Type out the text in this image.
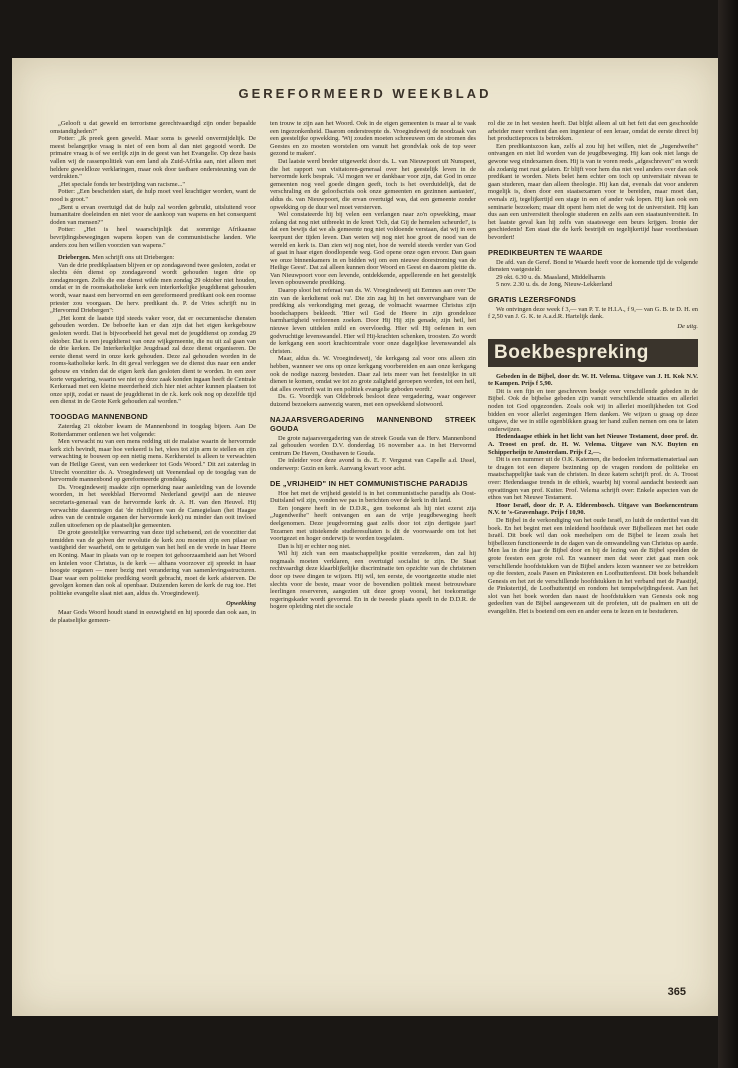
GEREFORMEERD WEEKBLAD

„Gelooft u dat geweld en terrorisme gerechtvaardigd zijn onder bepaalde omstandigheden?"

Potter: „Ik preek geen geweld. Maar soms is geweld onvermijdelijk. De meest belangrijke vraag is niet of een bom al dan niet gegooid wordt. De primaire vraag is of we eerlijk zijn in de geest van het Evangelie. Op deze basis vallen wij de rassenpolitiek van een land als Zuid-Afrika aan, niet alleen met heldere geweldloze verklaringen, maar ook door tastbare ondersteuning van de verdrukten."

„Het speciale fonds ter bestrijding van racisme..."

Potter: „Een bescheiden start, de hulp moet veel krachtiger worden, want de nood is groot."

„Bent u ervan overtuigd dat de hulp zal worden gebruikt, uitsluitend voor humanitaire doeleinden en niet voor de aankoop van wapens en het consequent doden van mensen?"

Potter: „Het is heel waarschijnlijk dat sommige Afrikaanse bevrijdingsbewegingen wapens kopen van de communistische landen. Wie anders zou hen willen voorzien van wapens."

Driebergen. Men schrijft ons uit Driebergen:

Van de drie predikplaatsen blijven er op zondagavond twee gesloten, zodat er slechts één dienst op zondagavond wordt gehouden tegen drie op zondagmorgen. Zelfs die ene dienst wilde men zondag 29 oktober niet houden, omdat er in de roomskatholieke kerk een interkerkelijke jeugddienst gehouden wordt, waar naast een hervormd en een gereformeerd predikant ook een roomse priester zou voorgaan. De herv. predikant ds. P. de Vries schrijft nu in „Hervormd Driebergen":

„Het komt de laatste tijd steeds vaker voor, dat er oecumenische diensten gehouden worden. De beboefte kan er dan zijn dat het eigen kerkgebouw gesloten wordt. Dat is bijvoorbeeld het geval met de jeugddienst op zondag 29 oktober. Dat is een jeugddienst van onze wijkgemeente, die nu uit zal gaan van de drie kerken. De Interkerkelijke Jeugdraad zal deze dienst organiseren. De eerste dienst werd in onze kerk gehouden. Deze zal gehouden worden in de rooms-katholieke kerk. In dit geval verleggen we de dienst dus naar een ander gebouw en vinden dat de eigen kerk dan gesloten dient te worden. In een zeer korte vergadering, waarin we niet op deze zaak konden ingaan heeft de Centrale Kerkeraad met een kleine meerderheid zich hier niet achter kunnen plaatsen tot onze spijt, zodat er naast de jeugddienst in de r.k. kerk ook nog op dezelfde tijd een dienst in de Grote Kerk gehouden zal worden."

TOOGDAG MANNENBOND

Zaterdag 21 oktober kwam de Mannenbond in toogdag bijeen. Aan De Rotterdammer ontlenen we het volgende:

Men verwacht nu van een mens redding uit de malaise waarin de hervormde kerk zich bevindt, maar hoe verkeerd is het, vlees tot zijn arm te stellen en zijn verwachting te bouwen op een nietig mens. Kerkherstel is alleen te verwachten van de Heilige Geest, van een wederkeer tot Gods Woord." Dit zei zaterdag in Utrecht voorzitter ds. A. Vroegindeweij uit Veenendaal op de toogdag van de hervormde mannenbond op gereformeerde grondslag.

Ds. Vroegindeweij maakte zijn opmerking naar aanleiding van de lovende woorden, in het weekblad Hervormd Nederland gewijd aan de nieuwe secretaris-generaal van de hervormde kerk dr. A. H. van den Heuvel. Hij verwachtte daarentegen dat 'de richtlijnen van de Camegielaan (het Haagse adres van de centrale organen der hervormde kerk) nu minder dan ooit invloed zullen uitoefenen op de plaatselijke gemeenten.

De grote geestelijke verwarring van deze tijd schetsend, zei de voorzitter dat temidden van de golven der revolutie de kerk zou moeten zijn een pilaar en vastigheid der waarheid, om te getuigen van het heil en de vrede in haar Heere en Koning. Maar in plaats van op te roepen tot gehoorzaamheid aan het Woord en knielen voor Christus, is de kerk — althans voorzover zij spreekt in haar hoogste organen — meer bezig met verandering van samenlevingsstructuren. Daar waar een politieke prediking wordt gebracht, moet de kerk afsterven. De gevolgen komen dan ook al openbaar. Duizenden keren de kerk de rug toe. Het politieke evangelie slaat niet aan, aldus ds. Vroegindeweij.

Opwekking

Maar Gods Woord houdt stand in eeuwigheid en hij spoorde dan ook aan, in de plaatselijke gemeen-

ten trouw te zijn aan het Woord. Ook in de eigen gemeenten is maar al te vaak een ingezonkenheid. Daarom onderstreepte ds. Vroegindeweij de noodzaak van een geestelijke opwekking. 'Wij zouden moeten schreeuwen om de stromen des Geestes en zo moeten worstelen om vanuit het grondvlak ook de top weer gezond te maken'.

Dat laatste werd breder uitgewerkt door ds. L. van Nieuwpoort uit Nunspeet, die het rapport van visitatoren-generaal over het geestelijk leven in de hervormde kerk besprak. 'Al mogen we er dankbaar voor zijn, dat God in onze gemeenten nog veel goede dingen geeft, toch is het overduidelijk, dat de verschraling en de geloofscrisis ook onze gemeenten en gezinnen aantasten', aldus ds. van Nieuwpoort, die ervan overtuigd was, dat een gemeente zonder opwekking op de duur wel moet versterven.

Wel constateerde hij bij velen een verlangen naar zo'n opwekking, maar zolang dat nog niet uitbreekt in de kreet 'Och, dat Gij de hemelen scheurde!', is dat een bewijs dat we als gemeente nog niet voldoende verstaan, dat wij in een keerpunt der tijden leven. Dan weten wij nog niet hoe groot de nood van de wereld en kerk is. Dan zien wij nog niet, hoe de wereld steeds verder van God af gaat in haar eigen doodlopende weg. God opene onze ogen ervoor. Dan gaan we onze binnenkamers in en bidden wij om een nieuwe doorstroming van de Heilige Geest'. Dat zal alleen kunnen door Woord en Geest en daarom pleitte ds. Van Nieuwpoort voor een levende, ontdekkende, appellerende en het geestelijk leven opbouwende prediking.

Daarop sloot het referaat van ds. W. Vroegindeweij uit Eemnes aan over 'De zin van de kerkdienst ook nu'. Die zin zag hij in het onvervangbare van de prediking als verkondiging met gezag, de volmacht waarmee Christus zijn boodschappers bekleedt. 'Hier wil God de Heere in zijn grondeloze barmhartigheid verlorenen zoeken. Door Hij Hij zijn genade, zijn heil, het nieuwe leven uitdelen mild en overvloedig. Hier wil Hij oefenen in een godvruchtige levenswandel. Hier wil Hij-krachten schenken, troosten. Zo wordt de kerkgang een soort krachtcentrale voor onze dagelijkse levenswandel als christen.

Maar, aldus ds. W. Vroegindeweij, 'de kerkgang zal voor ons alleen zin hebben, wanneer we ons op onze kerkgang voorbereiden en aan onze kerkgang ook de nodige nazorg besteden. Daar zal iets meer van het feestelijke in uit dienen te komen, omdat we tot zo grote zaligheid geroepen worden, tot een heil, dat alles overtreft wat in een politiek evangelie geboden wordt.'

Ds. G. Voordijk van Oldebroek besloot deze vergadering, waar ongeveer duizend bezoekers aanwezig waren, met een opwekkend slotwoord.

NAJAARSVERGADERING MANNENBOND STREEK GOUDA

De grote najaarsvergadering van de streek Gouda van de Herv. Mannenbond zal gehouden worden D.V. donderdag 16 november a.s. in het Hervormd centrum De Haven, Oosthaven te Gouda.

De inleider voor deze avond is ds. E. F. Vergunst van Capelle a.d. IJssel, onderwerp: Gezin en kerk. Aanvang kwart voor acht.

DE „VRIJHEID" IN HET COMMUNISTISCHE PARADIJS

Hoe het met de vrijheid gesteld is in het communistische paradijs als Oost-Duitsland wil zijn, vonden we pas in berichten over de kerk in dit land.

Een jongere heeft in de D.D.R., gen toekomst als hij niet ezerst zija „Jugendweihe" heeft ontvangen en aan de vrije jeugdbeweging heeft deelgenomen. Deze jeugdvorming gaat zelfs door tot zijn dertigste jaar! Tezamen met uitstekende studieresultaten is dit de voorwaarde om tot het voortgezet en hoger onderwijs te worden toegelaten.

Dan is hij er echter nog niet.

Wil hij zich van een maatschappelijke positie verzekeren, dan zal hij nogmaals moeten verklaren, een overtuigd socialist te zijn. De Staat rechtvaardigt deze klaarblijkelijke discriminatie ten opzichte van de christenen door op twee dingen te wijzen. Hij wil, ten eerste, de voortgezette studie niet slechts voor de beste, maar voor de bovendien politiek meest betrouwbare leerlingen reserveren, aangezien uit deze groep vooral, het toekomstige regeringskader wordt gevormd. En in de tweede plaats speelt in de D.D.R. de hogere opleiding niet die sociale

rol die ze in het westen heeft. Dat blijkt alleen al uit het feit dat een geschoolde arbeider meer verdient dan een ingenieur of een leraar, omdat de eerste direct bij het productieproces is betrokken.

Een predikantszoon kan, zelfs al zou hij het willen, niet de „Jugendweihe" ontvangen en niet lid worden van de jeugdbeweging. Hij kan ook niet langs de gewone weg eindexamen doen. Hij is van te voren reeds „afgeschreven" en wordt als zodanig met rust gelaten. Er blijft voor hem dus niet veel anders over dan ook predikant te worden. Niets belet hem echter om toch op universitair niveau te gaan studeren, maar dan alleen theologie. Hij kan dat, evenals dat voor anderen mogelijk is, doen door een staatsexamen voor te bereiden, maar moet dan, evenals zij, tegelijkertijd een stage in een of ander vak lopen. Hij kan ook een seminarie bezoeken; maar dit opent hem niet de weg tot de universiteit. Hij kan dus aan een universiteit theologie studeren en zelfs aan een staatsuniversiteit. In het laatste geval kan hij zelfs van staatswege een beurs krijgen. Ironie der geschiedenis! Een staat die de kerk bestrijdt en tegelijkertijd haar voortbestaan bevordert!

PREDIKBEURTEN TE WAARDE

De afd. van de Geref. Bond te Waarde heeft voor de komende tijd de volgende diensten vastgesteld:

29 okt. 6.30 u. ds. Maasland, Middelharnis

5 nov. 2.30 u. ds. de Jong, Nieuw-Lekkerland

GRATIS LEZERSFONDS

We ontvingen deze week f 3,— van P. T. te H.I.A., f 9,— van G. B. te D. H. en f 2,50 van J. G. K. te A.a.d.R. Hartelijk dank.

De uitg.
Boekbespreking

Gebeden in de Bijbel, door dr. W. H. Velema. Uitgave van J. H. Kok N.V. te Kampen. Prijs f 5,90.

Dit is een fijn en teer geschreven boekje over verschillende gebeden in de Bijbel. Ook de bijbelse gebeden zijn vanuit verschillende situaties en allerlei noden tot God opgezonden. Zoals ook wij in allerlei moeilijkheden tot God bidden en voor allerlei zegeningen Hem danken. We wijzen u graag op deze uitgave, die we in stille ogenblikken graag ter hand zullen nemen om ons te laten onderwijzen.

Hedendaagse ethiek in het licht van het Nieuwe Testament, door prof. dr. A. Troost en prof. dr. H. W. Velema. Uitgave van N.V. Buyten en Schipperheijn te Amsterdam. Prijs f 2,—.

Dit is een nummer uit de O.K. Katernen, die bedoelen informatiemateriaal aan te dragen tot een diepere bezinning op de vragen rondom de politieke en maatschappelijke taak van de christen. In deze katern schrijft prof. dr. A. Troost over: Hedendaagse trends in de ethiek, waarbij hij vooral aandacht besteedt aan opvattingen van prof. Kuiter. Prof. Velema schrijft over: Enkele aspecten van de ethos van het Nieuwe Testament.

Hoor Israël, door dr. P. A. Elderenbosch. Uitgave van Boekencentrum N.V. te 's-Gravenhage. Prijs f 10,90.

De Bijbel in de verkondiging van het oude Israël, zo luidt de ondertitel van dit boek. En het begint met een inleidend hoofdstuk over Bijbellezen met het oude Israël. Dit boek wil dan ook meehelpen om de Bijbel te lezen zoals het bijbellezen functioneerde in de dagen van de omwandeling van Christus op aarde. Men las in drie jaar de Bijbel door en bij de lezing van de Bijbel speelden de grote feesten een grote rol. En wanneer men dat weer ziet gaat men ook verschillende hoofdstukken van de Bijbel anders lezen wanneer we ze betrekken op die feesten, zoals Pasen en Pinksteren en Loofhuttenfeest. Dit boek behandelt Genesis en het zet de verschillende hoofdstukken in het verband met de Paastijd, de Pinkstertijd, de Loofhuttentijd en rondom het tempelwijdingsfeest. Aan het slot van het boek worden dan naast de hoofdstukken van Genesis ook nog gedeelten van de Bijbel aangewezen uit de profeten, uit de psalmen en uit de evangeliën. Het is boeiend om een en ander eens te lezen en te bestuderen.

365
